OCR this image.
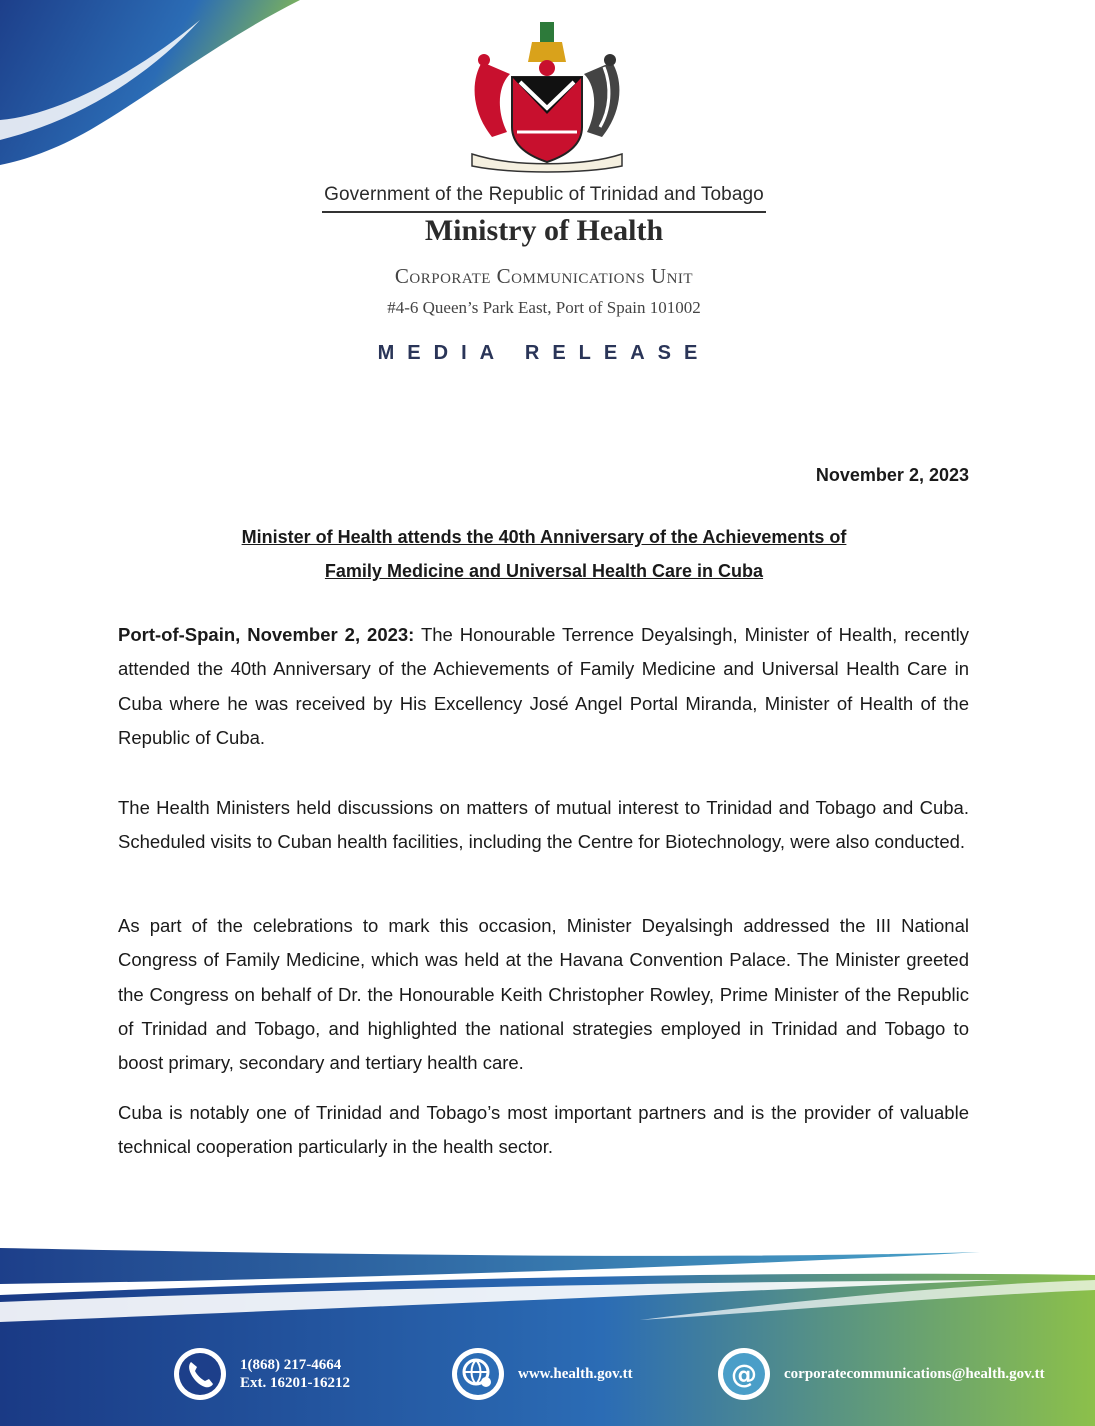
Government of the Republic of Trinidad and Tobago
Ministry of Health
Corporate Communications Unit
#4-6 Queen’s Park East, Port of Spain 101002
MEDIA RELEASE
November 2, 2023
Minister of Health attends the 40th Anniversary of the Achievements of
Family Medicine and Universal Health Care in Cuba
Port-of-Spain, November 2, 2023: The Honourable Terrence Deyalsingh, Minister of Health, recently attended the 40th Anniversary of the Achievements of Family Medicine and Universal Health Care in Cuba where he was received by His Excellency José Angel Portal Miranda, Minister of Health of the Republic of Cuba.
The Health Ministers held discussions on matters of mutual interest to Trinidad and Tobago and Cuba. Scheduled visits to Cuban health facilities, including the Centre for Biotechnology, were also conducted.
As part of the celebrations to mark this occasion, Minister Deyalsingh addressed the III National Congress of Family Medicine, which was held at the Havana Convention Palace. The Minister greeted the Congress on behalf of Dr. the Honourable Keith Christopher Rowley, Prime Minister of the Republic of Trinidad and Tobago, and highlighted the national strategies employed in Trinidad and Tobago to boost primary, secondary and tertiary health care.
Cuba is notably one of Trinidad and Tobago’s most important partners and is the provider of valuable technical cooperation particularly in the health sector.
1(868) 217-4664
Ext. 16201-16212
www.health.gov.tt	@ corporatecommunications@health.gov.tt
